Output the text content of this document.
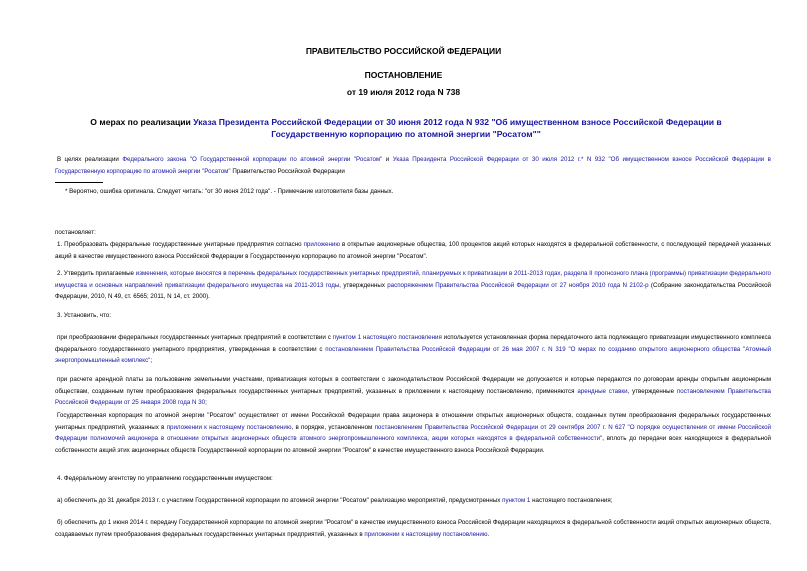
ПРАВИТЕЛЬСТВО РОССИЙСКОЙ ФЕДЕРАЦИИ
ПОСТАНОВЛЕНИЕ
от 19 июля 2012 года N 738
О мерах по реализации Указа Президента Российской Федерации от 30 июня 2012 года N 932 "Об имущественном взносе Российской Федерации в Государственную корпорацию по атомной энергии "Росатом""
В целях реализации Федерального закона "О Государственной корпорации по атомной энергии "Росатом" и Указа Президента Российской Федерации от 30 июля 2012 г.* N 932 "Об имущественном взносе Российской Федерации в Государственную корпорацию по атомной энергии "Росатом" Правительство Российской Федерации
* Вероятно, ошибка оригинала. Следует читать: "от 30 июня 2012 года". - Примечание изготовителя базы данных.
постановляет:
1. Преобразовать федеральные государственные унитарные предприятия согласно приложению в открытые акционерные общества, 100 процентов акций которых находятся в федеральной собственности, с последующей передачей указанных акций в качестве имущественного взноса Российской Федерации в Государственную корпорацию по атомной энергии "Росатом".
2. Утвердить прилагаемые изменения, которые вносятся в перечень федеральных государственных унитарных предприятий, планируемых к приватизации в 2011-2013 годах, раздела II прогнозного плана (программы) приватизации федерального имущества и основных направлений приватизации федерального имущества на 2011-2013 годы, утвержденных распоряжением Правительства Российской Федерации от 27 ноября 2010 года N 2102-р (Собрание законодательства Российской Федерации, 2010, N 49, ст. 6565; 2011, N 14, ст. 2000).
3. Установить, что:
при преобразовании федеральных государственных унитарных предприятий в соответствии с пунктом 1 настоящего постановления используется установленная форма передаточного акта подлежащего приватизации имущественного комплекса федерального государственного унитарного предприятия, утвержденная в соответствии с постановлением Правительства Российской Федерации от 26 мая 2007 г. N 319 "О мерах по созданию открытого акционерного общества "Атомный энергопромышленный комплекс";
при расчете арендной платы за пользование земельными участками, приватизация которых в соответствии с законодательством Российской Федерации не допускается и которые передаются по договорам аренды открытым акционерным обществам, созданным путем преобразования федеральных государственных унитарных предприятий, указанных в приложении к настоящему постановлению, применяются арендные ставки, утвержденные постановлением Правительства Российской Федерации от 25 января 2008 года N 30;
Государственная корпорация по атомной энергии "Росатом" осуществляет от имени Российской Федерации права акционера в отношении открытых акционерных обществ, созданных путем преобразования федеральных государственных унитарных предприятий, указанных в приложении к настоящему постановлению, в порядке, установленном постановлением Правительства Российской Федерации от 29 сентября 2007 г. N 627 "О порядке осуществления от имени Российской Федерации полномочий акционера в отношении открытых акционерных обществ атомного энергопромышленного комплекса, акции которых находятся в федеральной собственности", вплоть до передачи всех находящихся в федеральной собственности акций этих акционерных обществ Государственной корпорации по атомной энергии "Росатом" в качестве имущественного взноса Российской Федерации.
4. Федеральному агентству по управлению государственным имуществом:
а) обеспечить до 31 декабря 2013 г. с участием Государственной корпорации по атомной энергии "Росатом" реализацию мероприятий, предусмотренных пунктом 1 настоящего постановления;
б) обеспечить до 1 июня 2014 г. передачу Государственной корпорации по атомной энергии "Росатом" в качестве имущественного взноса Российской Федерации находящихся в федеральной собственности акций открытых акционерных обществ, создаваемых путем преобразования федеральных государственных унитарных предприятий, указанных в приложении к настоящему постановлению.
